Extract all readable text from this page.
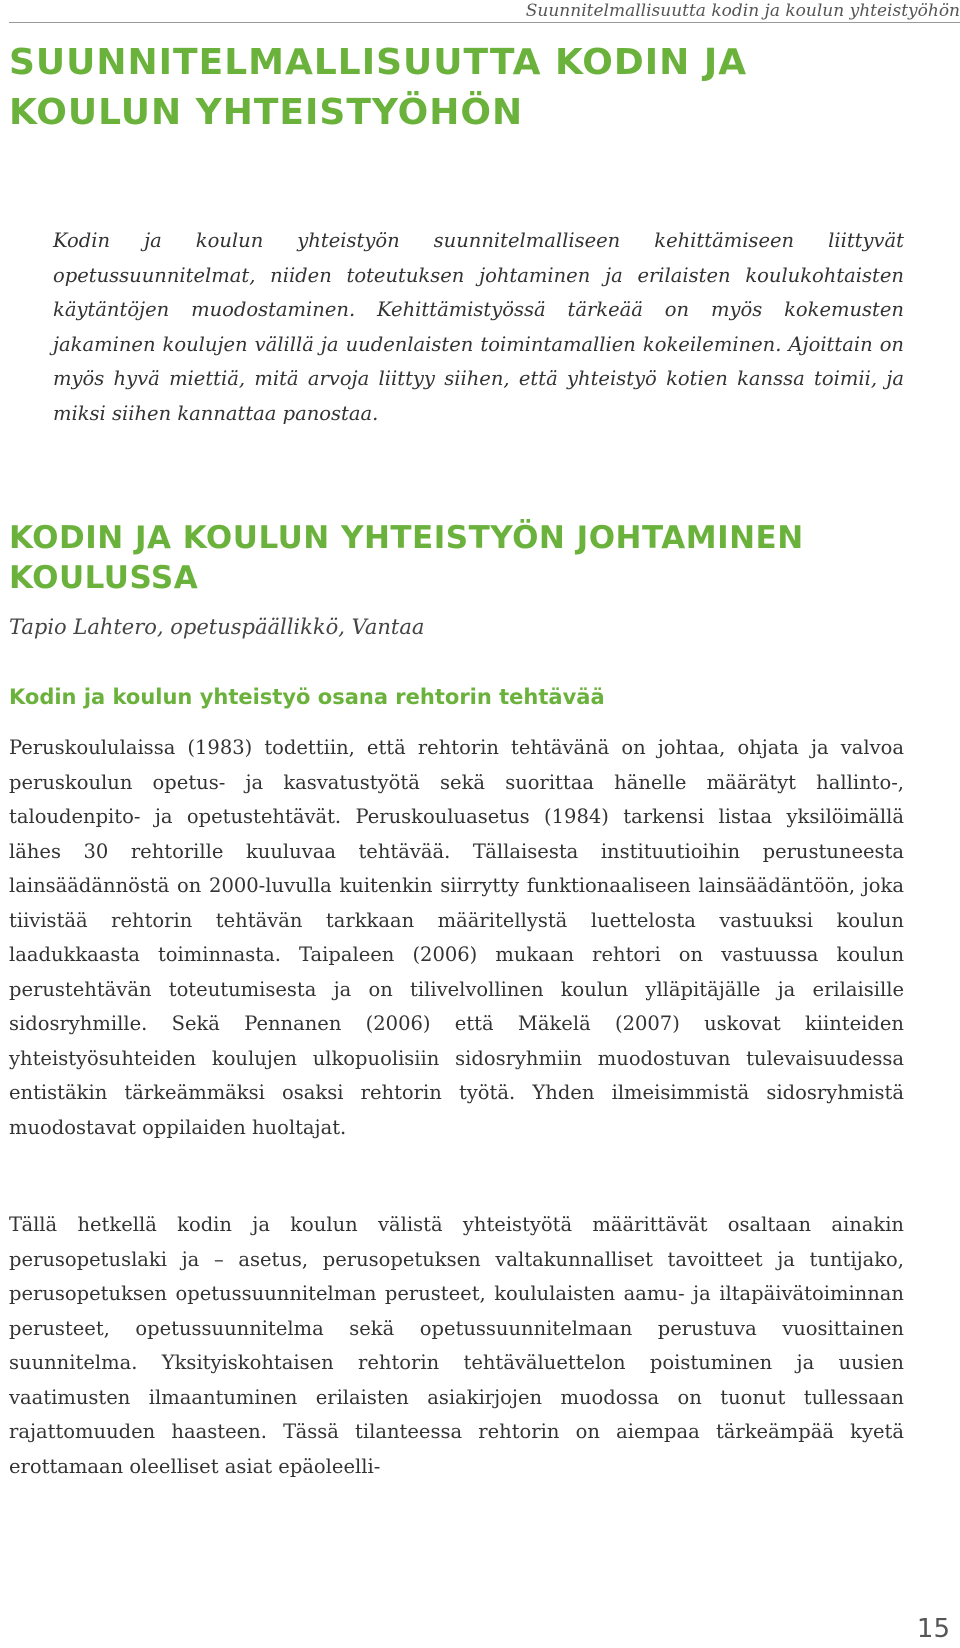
Suunnitelmallisuutta kodin ja koulun yhteistyöhön
SUUNNITELMALLISUUTTA KODIN JA KOULUN YHTEISTYÖHÖN

Kodin ja koulun yhteistyön suunnitelmalliseen kehittämiseen liittyvät opetussuunnitelmat, niiden toteutuksen johtaminen ja erilaisten koulukohtaisten käytäntöjen muodostaminen. Kehittämistyössä tärkeää on myös kokemusten jakaminen koulujen välillä ja uudenlaisten toimintamallien kokeileminen. Ajoittain on myös hyvä miettiä, mitä arvoja liittyy siihen, että yhteistyö kotien kanssa toimii, ja miksi siihen kannattaa panostaa.

KODIN JA KOULUN YHTEISTYÖN JOHTAMINEN KOULUSSA

Tapio Lahtero, opetuspäällikkö, Vantaa

Kodin ja koulun yhteistyö osana rehtorin tehtävää

Peruskoululaissa (1983) todettiin, että rehtorin tehtävänä on johtaa, ohjata ja valvoa peruskoulun opetus- ja kasvatustyötä sekä suorittaa hänelle määrätyt hallinto-, taloudenpito- ja opetustehtävät. Peruskouluasetus (1984) tarkensi listaa yksilöimällä lähes 30 rehtorille kuuluvaa tehtävää. Tällaisesta instituutioihin perustuneesta lainsäädännöstä on 2000-luvulla kuitenkin siirrytty funktionaaliseen lainsäädäntöön, joka tiivistää rehtorin tehtävän tarkkaan määritellystä luettelosta vastuuksi koulun laadukkaasta toiminnasta. Taipaleen (2006) mukaan rehtori on vastuussa koulun perustehtävän toteutumisesta ja on tilivelvollinen koulun ylläpitäjälle ja erilaisille sidosryhmille. Sekä Pennanen (2006) että Mäkelä (2007) uskovat kiinteiden yhteistyösuhteiden koulujen ulkopuolisiin sidosryhmiin muodostuvan tulevaisuudessa entistäkin tärkeämmäksi osaksi rehtorin työtä. Yhden ilmeisimmistä sidosryhmistä muodostavat oppilaiden huoltajat.

Tällä hetkellä kodin ja koulun välistä yhteistyötä määrittävät osaltaan ainakin perusopetuslaki ja – asetus, perusopetuksen valtakunnalliset tavoitteet ja tuntijako, perusopetuksen opetussuunnitelman perusteet, koululaisten aamu- ja iltapäivätoiminnan perusteet, opetussuunnitelma sekä opetussuunnitelmaan perustuva vuosittainen suunnitelma. Yksityiskohtaisen rehtorin tehtäväluettelon poistuminen ja uusien vaatimusten ilmaantuminen erilaisten asiakirjojen muodossa on tuonut tullessaan rajattomuuden haasteen. Tässä tilanteessa rehtorin on aiempaa tärkeämpää kyetä erottamaan oleelliset asiat epäoleelli-

15
